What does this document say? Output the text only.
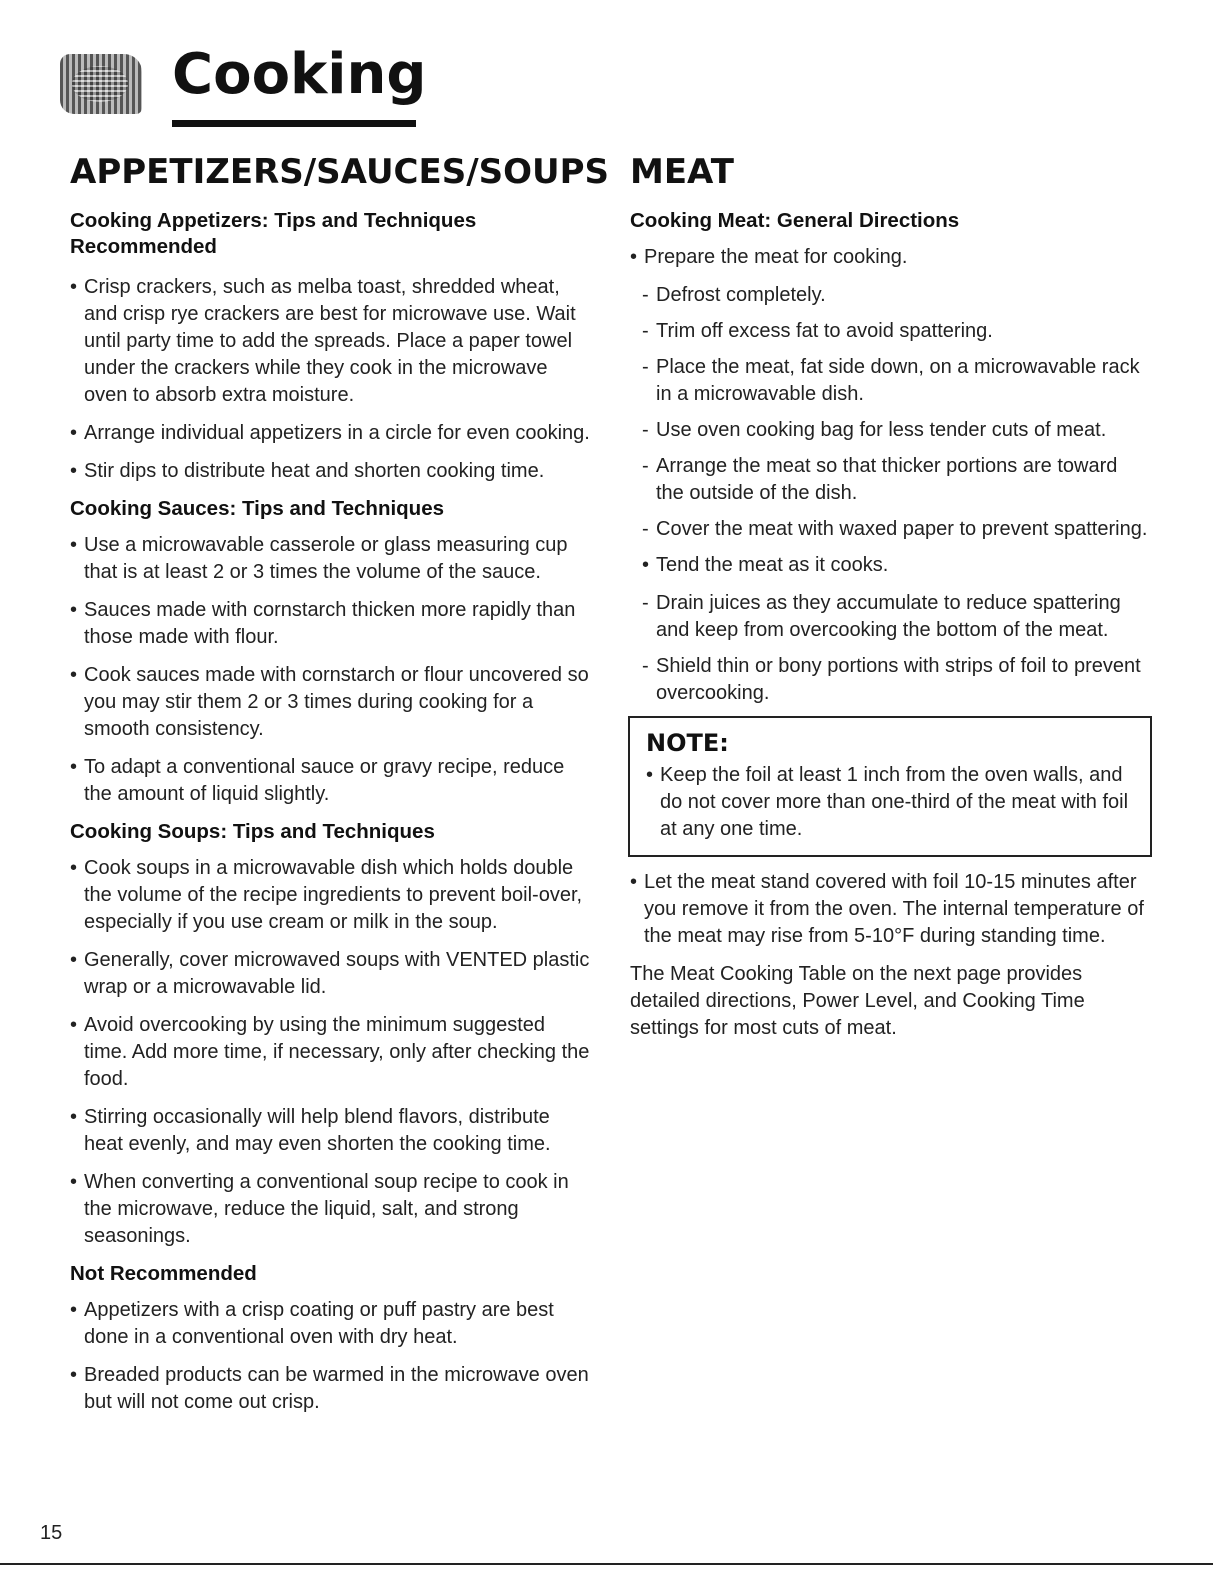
Cooking
APPETIZERS/SAUCES/SOUPS
Cooking Appetizers: Tips and Techniques
Recommended
• Crisp crackers, such as melba toast, shredded wheat, and crisp rye crackers are best for microwave use. Wait until party time to add the spreads. Place a paper towel under the crackers while they cook in the microwave oven to absorb extra moisture.
• Arrange individual appetizers in a circle for even cooking.
• Stir dips to distribute heat and shorten cooking time.
Cooking Sauces: Tips and Techniques
• Use a microwavable casserole or glass measuring cup that is at least 2 or 3 times the volume of the sauce.
• Sauces made with cornstarch thicken more rapidly than those made with flour.
• Cook sauces made with cornstarch or flour uncovered so you may stir them 2 or 3 times during cooking for a smooth consistency.
• To adapt a conventional sauce or gravy recipe, reduce the amount of liquid slightly.
Cooking Soups: Tips and Techniques
• Cook soups in a microwavable dish which holds double the volume of the recipe ingredients to prevent boil-over, especially if you use cream or milk in the soup.
• Generally, cover microwaved soups with VENTED plastic wrap or a microwavable lid.
• Avoid overcooking by using the minimum suggested time. Add more time, if necessary, only after checking the food.
• Stirring occasionally will help blend flavors, distribute heat evenly, and may even shorten the cooking time.
• When converting a conventional soup recipe to cook in the microwave, reduce the liquid, salt, and strong seasonings.
Not Recommended
• Appetizers with a crisp coating or puff pastry are best done in a conventional oven with dry heat.
• Breaded products can be warmed in the microwave oven but will not come out crisp.
MEAT
Cooking Meat: General Directions
• Prepare the meat for cooking.
- Defrost completely.
- Trim off excess fat to avoid spattering.
- Place the meat, fat side down, on a microwavable rack in a microwavable dish.
- Use oven cooking bag for less tender cuts of meat.
- Arrange the meat so that thicker portions are toward the outside of the dish.
- Cover the meat with waxed paper to prevent spattering.
• Tend the meat as it cooks.
- Drain juices as they accumulate to reduce spattering and keep from overcooking the bottom of the meat.
- Shield thin or bony portions with strips of foil to prevent overcooking.
NOTE:
• Keep the foil at least 1 inch from the oven walls, and do not cover more than one-third of the meat with foil at any one time.
• Let the meat stand covered with foil 10-15 minutes after you remove it from the oven. The internal temperature of the meat may rise from 5-10°F during standing time.

The Meat Cooking Table on the next page provides detailed directions, Power Level, and Cooking Time settings for most cuts of meat.

15
